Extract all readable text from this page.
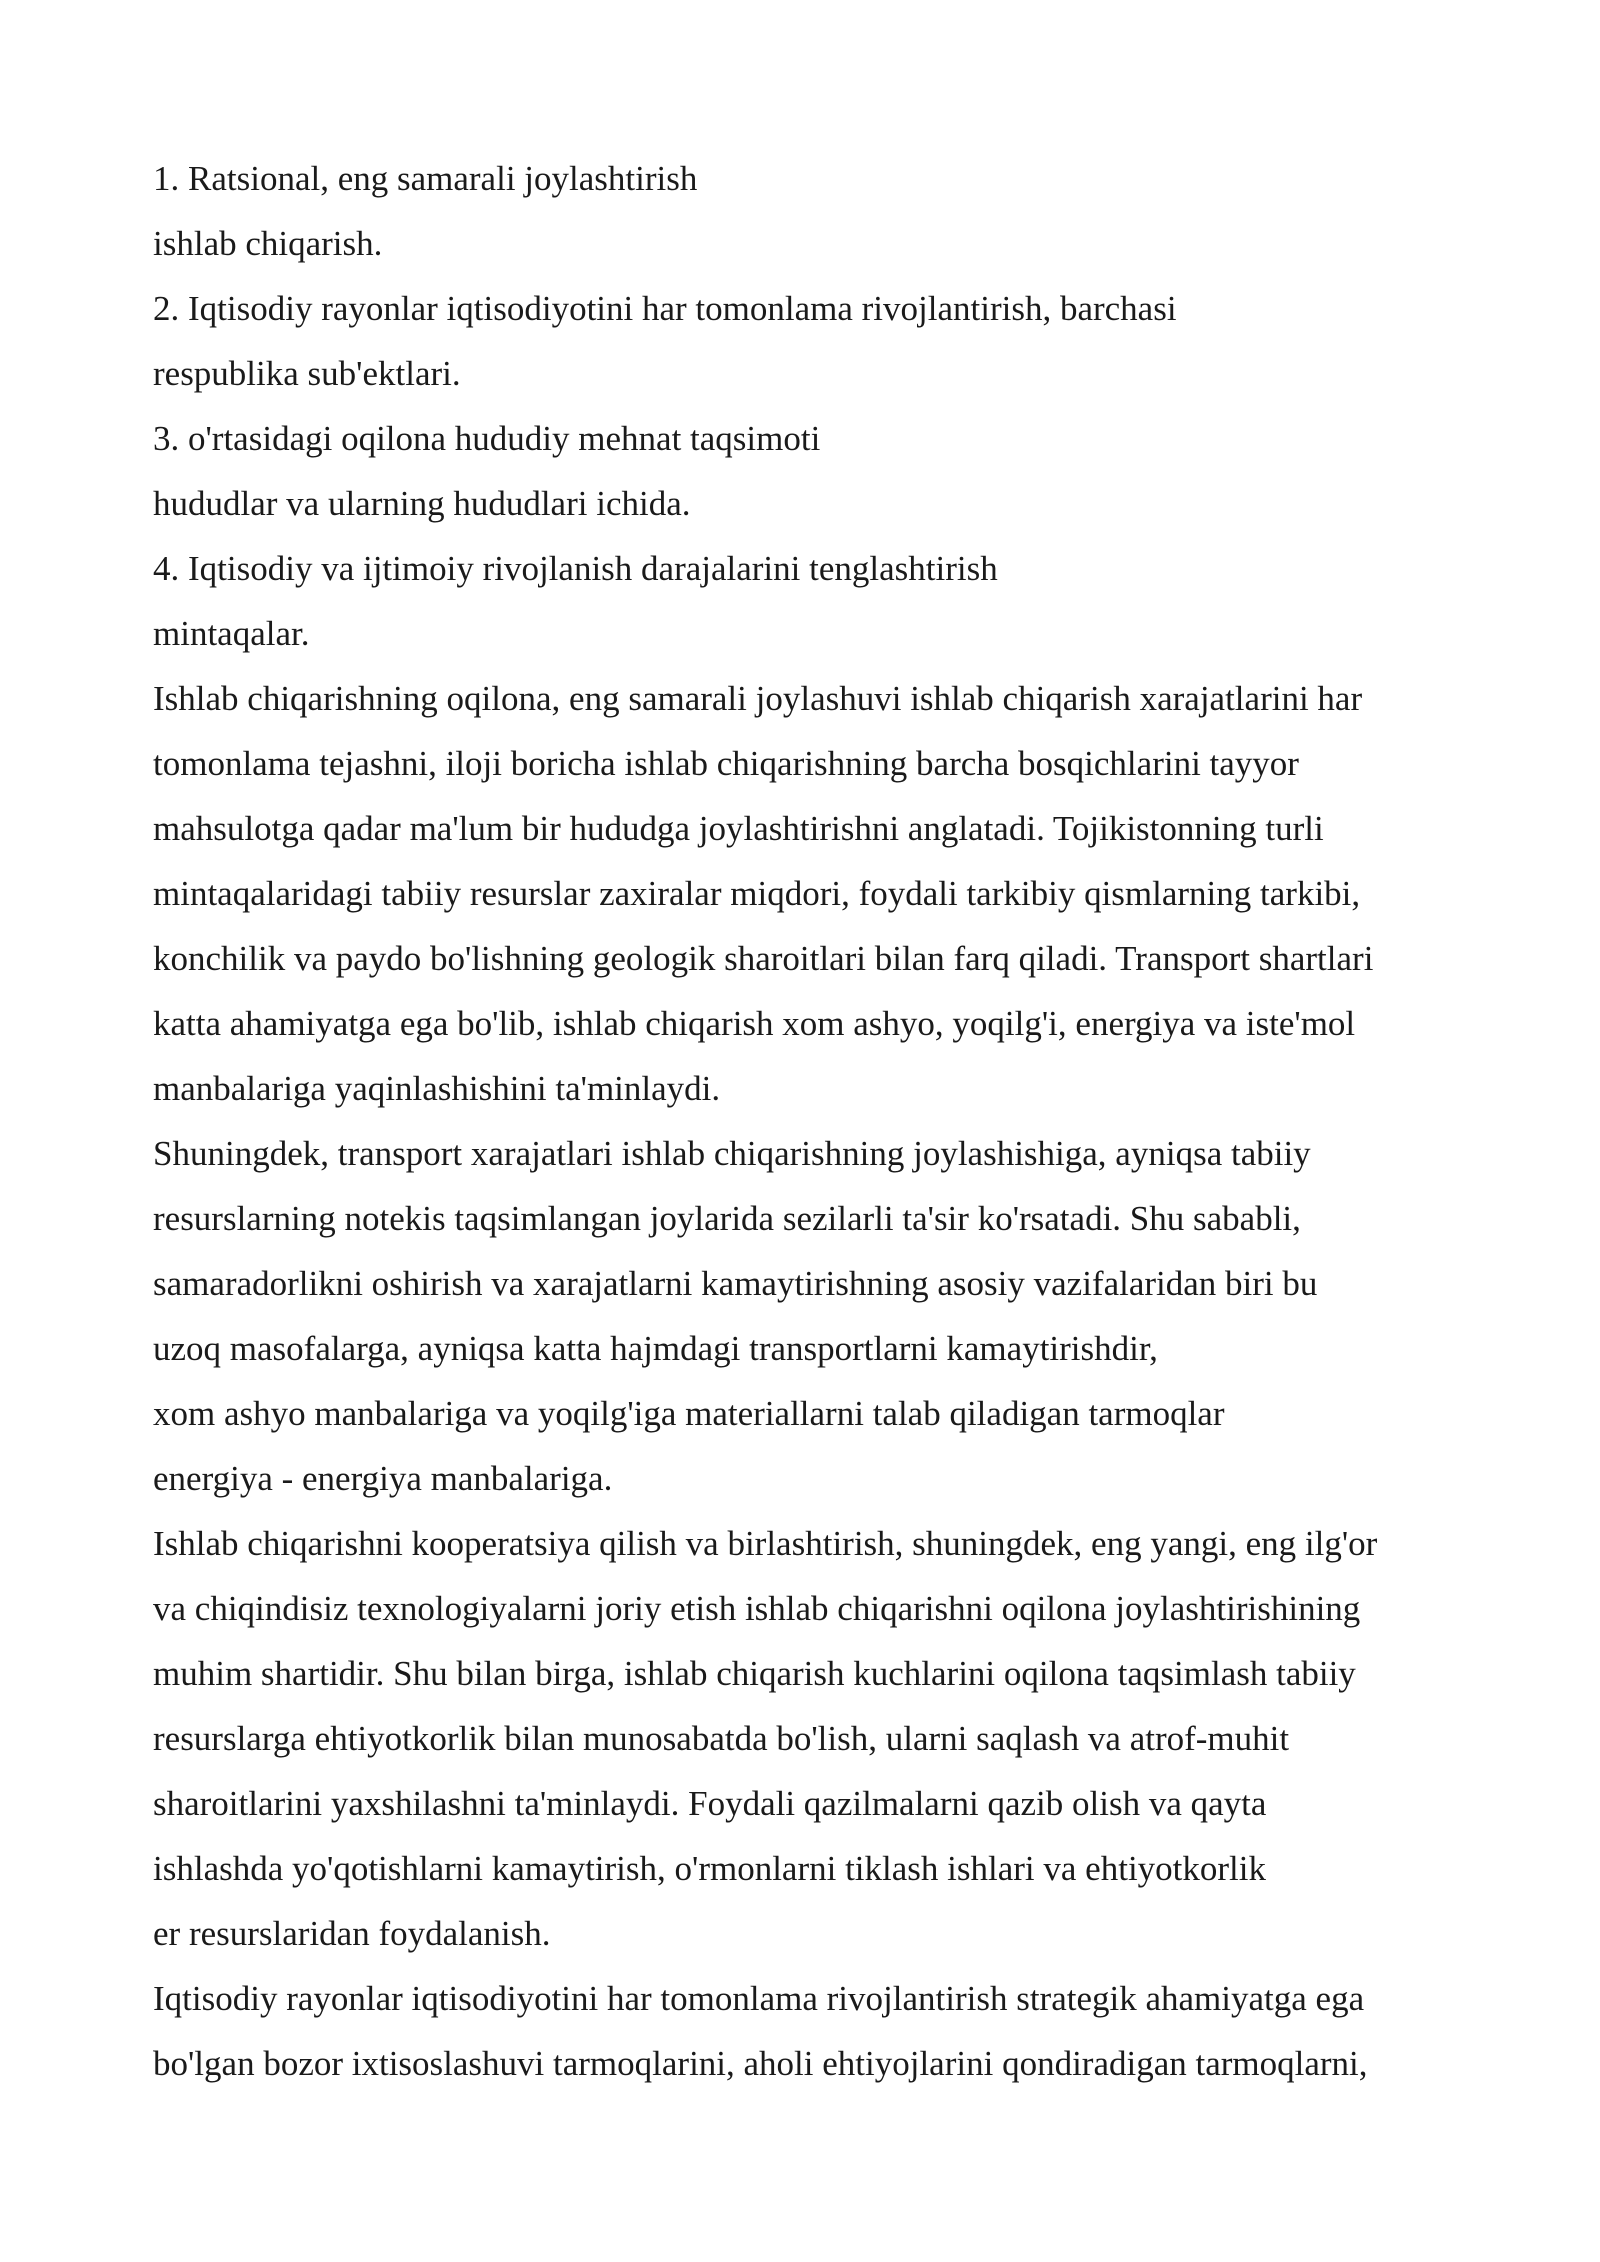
1. Ratsional, eng samarali joylashtirish
ishlab chiqarish.
2. Iqtisodiy rayonlar iqtisodiyotini har tomonlama rivojlantirish, barchasi
respublika sub'ektlari.
3. o'rtasidagi oqilona hududiy mehnat taqsimoti
hududlar va ularning hududlari ichida.
4. Iqtisodiy va ijtimoiy rivojlanish darajalarini tenglashtirish
mintaqalar.
Ishlab chiqarishning oqilona, eng samarali joylashuvi ishlab chiqarish xarajatlarini har
tomonlama tejashni, iloji boricha ishlab chiqarishning barcha bosqichlarini tayyor
mahsulotga qadar ma'lum bir hududga joylashtirishni anglatadi. Tojikistonning turli
mintaqalaridagi tabiiy resurslar zaxiralar miqdori, foydali tarkibiy qismlarning tarkibi,
konchilik va paydo bo'lishning geologik sharoitlari bilan farq qiladi. Transport shartlari
katta ahamiyatga ega bo'lib, ishlab chiqarish xom ashyo, yoqilg'i, energiya va iste'mol
manbalariga yaqinlashishini ta'minlaydi.
Shuningdek, transport xarajatlari ishlab chiqarishning joylashishiga, ayniqsa tabiiy
resurslarning notekis taqsimlangan joylarida sezilarli ta'sir ko'rsatadi. Shu sababli,
samaradorlikni oshirish va xarajatlarni kamaytirishning asosiy vazifalaridan biri bu
uzoq masofalarga, ayniqsa katta hajmdagi transportlarni kamaytirishdir,
xom ashyo manbalariga va yoqilg'iga materiallarni talab qiladigan tarmoqlar
energiya - energiya manbalariga.
Ishlab chiqarishni kooperatsiya qilish va birlashtirish, shuningdek, eng yangi, eng ilg'or
va chiqindisiz texnologiyalarni joriy etish ishlab chiqarishni oqilona joylashtirishining
muhim shartidir. Shu bilan birga, ishlab chiqarish kuchlarini oqilona taqsimlash tabiiy
resurslarga ehtiyotkorlik bilan munosabatda bo'lish, ularni saqlash va atrof-muhit
sharoitlarini yaxshilashni ta'minlaydi. Foydali qazilmalarni qazib olish va qayta
ishlashda yo'qotishlarni kamaytirish, o'rmonlarni tiklash ishlari va ehtiyotkorlik
er resurslaridan foydalanish.
Iqtisodiy rayonlar iqtisodiyotini har tomonlama rivojlantirish strategik ahamiyatga ega
bo'lgan bozor ixtisoslashuvi tarmoqlarini, aholi ehtiyojlarini qondiradigan tarmoqlarni,
